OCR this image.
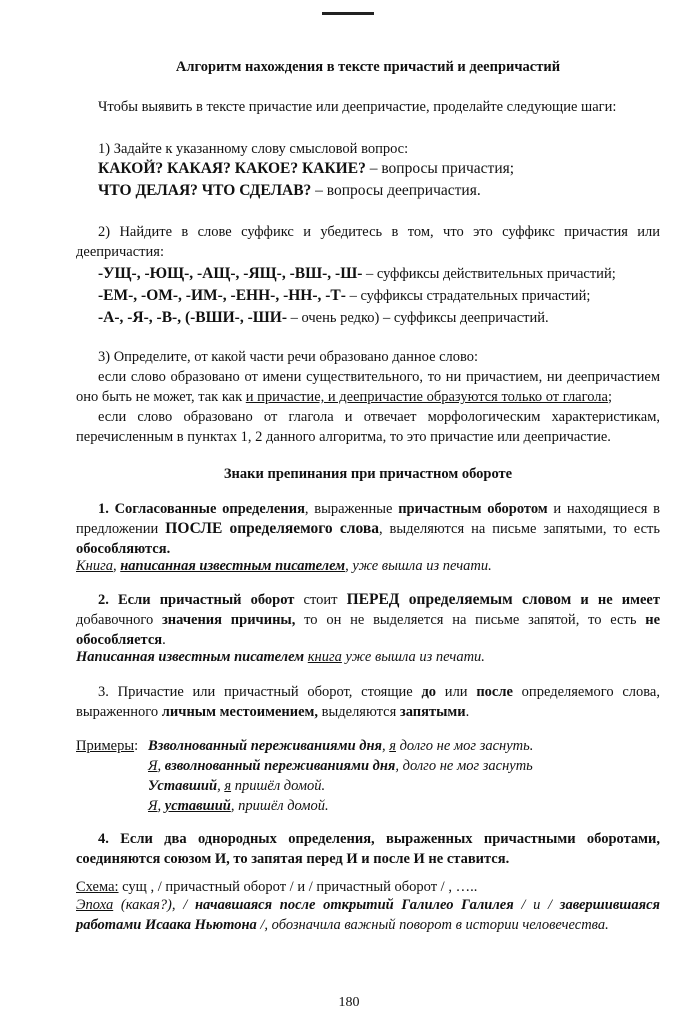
Алгоритм нахождения в тексте причастий и деепричастий
Чтобы выявить в тексте причастие или деепричастие, проделайте следующие шаги:
1) Задайте к указанному слову смысловой вопрос:
КАКОЙ? КАКАЯ? КАКОЕ? КАКИЕ? – вопросы причастия;
ЧТО ДЕЛАЯ? ЧТО СДЕЛАВ? – вопросы деепричастия.
2) Найдите в слове суффикс и убедитесь в том, что это суффикс причастия или деепричастия:
-УЩ-, -ЮЩ-, -АЩ-, -ЯЩ-, -ВШ-, -Ш- – суффиксы действительных причастий;
-ЕМ-, -ОМ-, -ИМ-, -ЕНН-, -НН-, -Т- – суффиксы страдательных причастий;
-А-, -Я-, -В-, (-ВШИ-, -ШИ- – очень редко) – суффиксы деепричастий.
3) Определите, от какой части речи образовано данное слово:
если слово образовано от имени существительного, то ни причастием, ни деепричастием оно быть не может, так как и причастие, и деепричастие образуются только от глагола;
если слово образовано от глагола и отвечает морфологическим характеристикам, перечисленным в пунктах 1, 2 данного алгоритма, то это причастие или деепричастие.
Знаки препинания при причастном обороте
1. Согласованные определения, выраженные причастным оборотом и находящиеся в предложении ПОСЛЕ определяемого слова, выделяются на письме запятыми, то есть обособляются.
Книга, написанная известным писателем, уже вышла из печати.
2. Если причастный оборот стоит ПЕРЕД определяемым словом и не имеет добавочного значения причины, то он не выделяется на письме запятой, то есть не обособляется.
Написанная известным писателем книга уже вышла из печати.
3. Причастие или причастный оборот, стоящие до или после определяемого слова, выраженного личным местоимением, выделяются запятыми.
Примеры: Взволнованный переживаниями дня, я долго не мог заснуть.
Я, взволнованный переживаниями дня, долго не мог заснуть
Уставший, я пришёл домой.
Я, уставший, пришёл домой.
4. Если два однородных определения, выраженных причастными оборотами, соединяются союзом И, то запятая перед И и после И не ставится.
Схема: сущ , / причастный оборот / и / причастный оборот / , …..
Эпоха (какая?), / начавшаяся после открытий Галилео Галилея / и / завершившаяся работами Исаака Ньютона /, обозначила важный поворот в истории человечества.
180
